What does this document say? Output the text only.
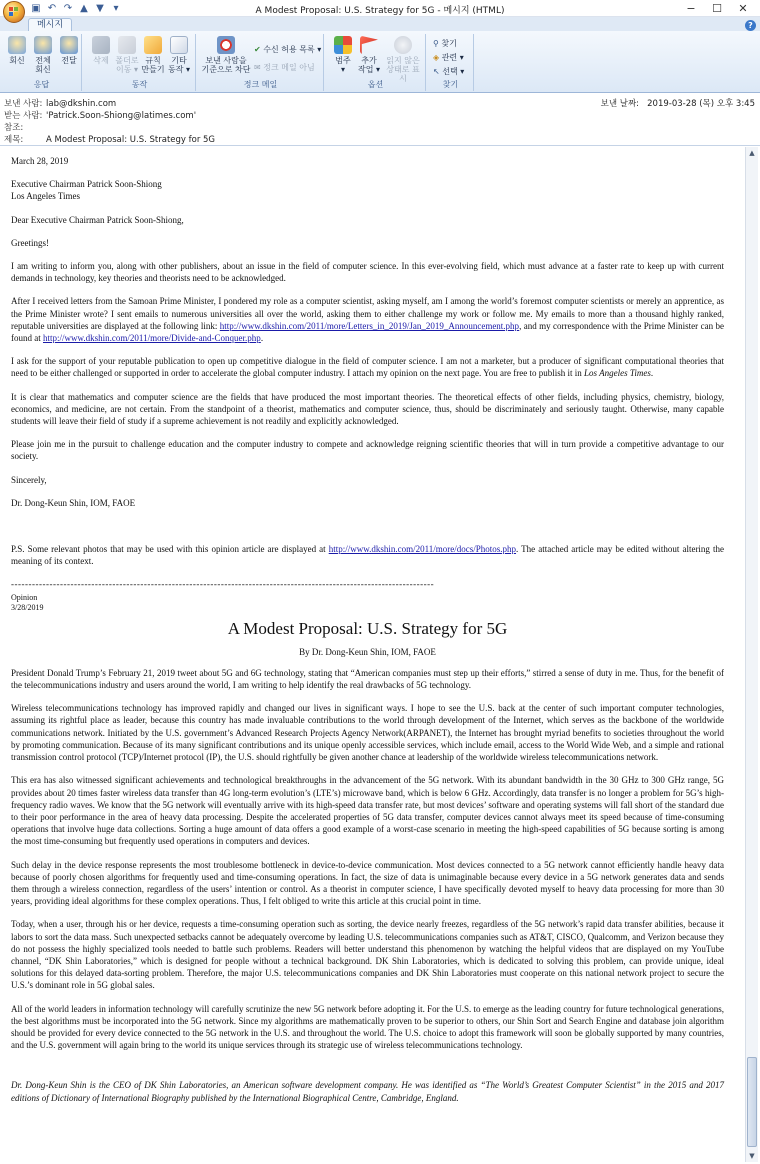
A Modest Proposal: U.S. Strategy for 5G - 메시지 (HTML)
▣ ↶ ↷ ▲ ▼ ▾	−	☐	✕
메시지	?
회신	전체
회신
전달
응답
삭제 폴더로
이동 ▾
규칙
만들기
기타
동작 ▾
동작
보낸 사람을
기준으로 차단
✔ 수신 허용 목록 ▾
✉ 정크 메일 아님
정크 메일
범주
▾
추가
작업 ▾
읽지 않은
상태로 표시
옵션
⚲ 찾기
◈ 관련 ▾
↖ 선택 ▾
찾기
보낸 사람: lab@dkshin.com
받는 사람: 'Patrick.Soon-Shiong@latimes.com'
참조:
제목:	A Modest Proposal: U.S. Strategy for 5G
보낸 날짜: 2019-03-28 (목) 오후 3:45

March 28, 2019

Executive Chairman Patrick Soon-Shiong

Los Angeles Times

Dear Executive Chairman Patrick Soon-Shiong,

Greetings!

I am writing to inform you, along with other publishers, about an issue in the field of computer science. In this ever-evolving field, which must advance at a faster rate to keep up with current demands in technology, key theories and theorists need to be acknowledged.

After I received letters from the Samoan Prime Minister, I pondered my role as a computer scientist, asking myself, am I among the world’s foremost computer scientists or merely an apprentice, as the Prime Minister wrote? I sent emails to numerous universities all over the world, asking them to either challenge my work or follow me. My emails to more than a thousand highly ranked, reputable universities are displayed at the following link: http://www.dkshin.com/2011/more/Letters_in_2019/Jan_2019_Announcement.php, and my correspondence with the Prime Minister can be found at http://www.dkshin.com/2011/more/Divide-and-Conquer.php.

I ask for the support of your reputable publication to open up competitive dialogue in the field of computer science. I am not a marketer, but a producer of significant computational theories that need to be either challenged or supported in order to accelerate the global computer industry. I attach my opinion on the next page. You are free to publish it in Los Angeles Times.

It is clear that mathematics and computer science are the fields that have produced the most important theories. The theoretical effects of other fields, including physics, chemistry, biology, economics, and medicine, are not certain. From the standpoint of a theorist, mathematics and computer science, thus, should be discriminately and seriously taught. Otherwise, many capable students will leave their field of study if a supreme achievement is not readily and explicitly acknowledged.

Please join me in the pursuit to challenge education and the computer industry to compete and acknowledge reigning scientific theories that will in turn provide a competitive advantage to our society.

Sincerely,

Dr. Dong-Keun Shin, IOM, FAOE

P.S. Some relevant photos that may be used with this opinion article are displayed at http://www.dkshin.com/2011/more/docs/Photos.php. The attached article may be edited without altering the meaning of its context.

-------------------------------------------------------------------------------------------------------------------------
Opinion
3/28/2019
A Modest Proposal: U.S. Strategy for 5G
By Dr. Dong-Keun Shin, IOM, FAOE

President Donald Trump’s February 21, 2019 tweet about 5G and 6G technology, stating that “American companies must step up their efforts,” stirred a sense of duty in me. Thus, for the benefit of the telecommunications industry and users around the world, I am writing to help identify the real drawbacks of 5G technology.

Wireless telecommunications technology has improved rapidly and changed our lives in significant ways. I hope to see the U.S. back at the center of such important computer technologies, assuming its rightful place as leader, because this country has made invaluable contributions to the world through development of the Internet, which serves as the backbone of the worldwide communications network. Initiated by the U.S. government’s Advanced Research Projects Agency Network(ARPANET), the Internet has brought myriad benefits to societies throughout the world by promoting communication. Because of its many significant contributions and its unique openly accessible services, which include email, access to the World Wide Web, and a simple and rational transmission control protocol (TCP)/Internet protocol (IP), the U.S. should rightfully be given another chance at leadership of the worldwide wireless telecommunications network.

This era has also witnessed significant achievements and technological breakthroughs in the advancement of the 5G network. With its abundant bandwidth in the 30 GHz to 300 GHz range, 5G provides about 20 times faster wireless data transfer than 4G long-term evolution’s (LTE’s) microwave band, which is below 6 GHz. Accordingly, data transfer is no longer a problem for 5G’s high-frequency radio waves. We know that the 5G network will eventually arrive with its high-speed data transfer rate, but most devices’ software and operating systems will fall short of the standard due to their poor performance in the area of heavy data processing. Despite the accelerated properties of 5G data transfer, computer devices cannot always meet its speed because of time-consuming operations that involve huge data collections. Sorting a huge amount of data offers a good example of a worst-case scenario in meeting the high-speed capabilities of 5G because sorting is among the most time-consuming but frequently used operations in computers and devices.

Such delay in the device response represents the most troublesome bottleneck in device-to-device communication. Most devices connected to a 5G network cannot efficiently handle heavy data because of poorly chosen algorithms for frequently used and time-consuming operations. In fact, the size of data is unimaginable because every device in a 5G network generates data and sends them through a wireless connection, regardless of the users’ intention or control. As a theorist in computer science, I have specifically devoted myself to heavy data processing for more than 30 years, providing ideal algorithms for these complex operations. Thus, I felt obliged to write this article at this crucial point in time.

Today, when a user, through his or her device, requests a time-consuming operation such as sorting, the device nearly freezes, regardless of the 5G network’s rapid data transfer abilities, because it labors to sort the data mass. Such unexpected setbacks cannot be adequately overcome by leading U.S. telecommunications companies such as AT&T, CISCO, Qualcomm, and Verizon because they do not possess the highly specialized tools needed to battle such problems. Readers will better understand this phenomenon by watching the helpful videos that are displayed on my YouTube channel, “DK Shin Laboratories,” which is designed for people without a technical background. DK Shin Laboratories, which is dedicated to solving this problem, can provide unique, ideal solutions for this delayed data-sorting problem. Therefore, the major U.S. telecommunications companies and DK Shin Laboratories must cooperate on this national network project to secure the U.S.’s dominant role in 5G global sales.

All of the world leaders in information technology will carefully scrutinize the new 5G network before adopting it. For the U.S. to emerge as the leading country for future technological generations, the best algorithms must be incorporated into the 5G network. Since my algorithms are mathematically proven to be superior to others, our Shin Sort and Search Engine and database join algorithm should be provided for every device connected to the 5G network in the U.S. and throughout the world. The U.S. choice to adopt this framework will soon be globally supported by many countries, and the U.S. government will again bring to the world its unique services through its strategic use of wireless telecommunications technology.

Dr. Dong-Keun Shin is the CEO of DK Shin Laboratories, an American software development company. He was identified as “The World’s Greatest Computer Scientist” in the 2015 and 2017 editions of Dictionary of International Biography published by the International Biographical Centre, Cambridge, England.

▲
▼
